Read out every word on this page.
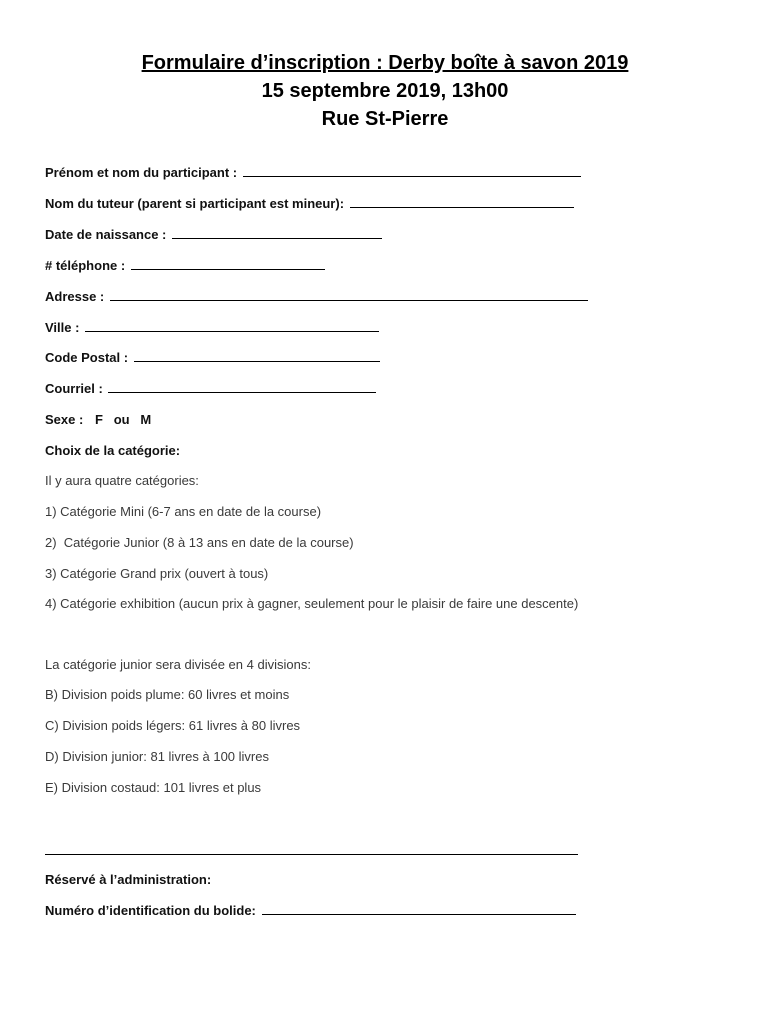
Formulaire d’inscription : Derby boîte à savon 2019
15 septembre 2019, 13h00
Rue St-Pierre
Prénom et nom du participant :
Nom du tuteur (parent si participant est mineur):
Date de naissance :
# téléphone :
Adresse :
Ville :
Code Postal :
Courriel :
Sexe : F   ou   M
Choix de la catégorie:
Il y aura quatre catégories:
1) Catégorie Mini (6-7 ans en date de la course)
2)  Catégorie Junior (8 à 13 ans en date de la course)
3) Catégorie Grand prix (ouvert à tous)
4) Catégorie exhibition (aucun prix à gagner, seulement pour le plaisir de faire une descente)
La catégorie junior sera divisée en 4 divisions:
B) Division poids plume: 60 livres et moins
C) Division poids légers: 61 livres à 80 livres
D) Division junior: 81 livres à 100 livres
E) Division costaud: 101 livres et plus
Réservé à l’administration:
Numéro d’identification du bolide:
